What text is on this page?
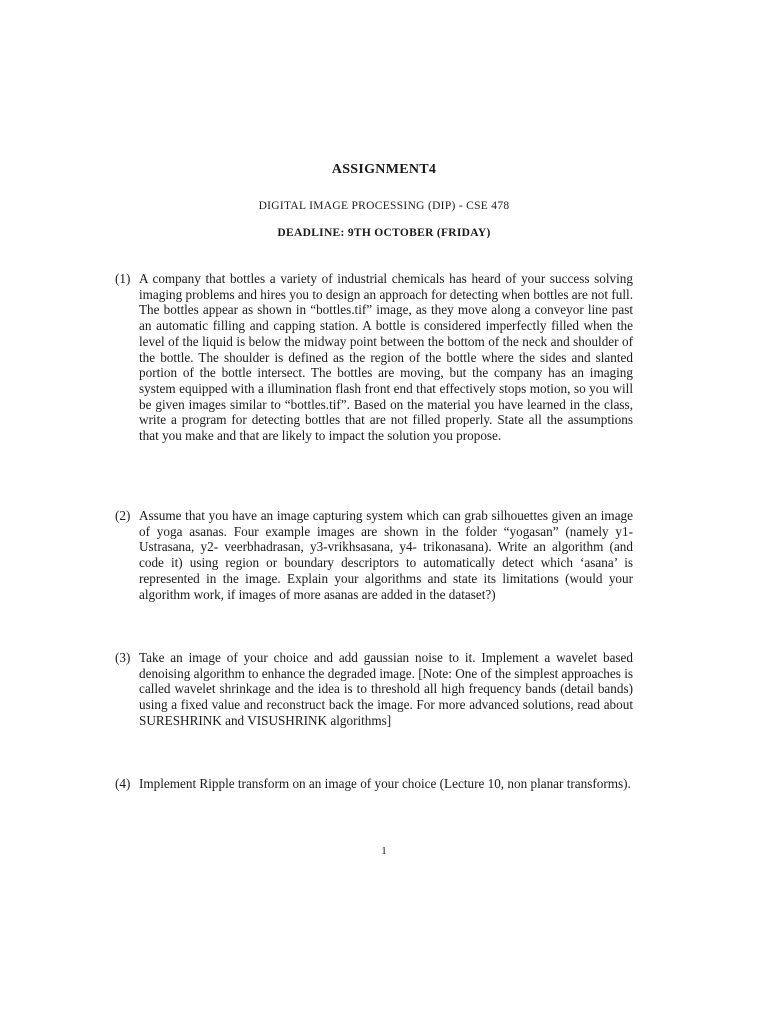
ASSIGNMENT4
DIGITAL IMAGE PROCESSING (DIP) - CSE 478
DEADLINE: 9TH OCTOBER (FRIDAY)
(1) A company that bottles a variety of industrial chemicals has heard of your success solving imaging problems and hires you to design an approach for detecting when bottles are not full. The bottles appear as shown in “bottles.tif” image, as they move along a conveyor line past an automatic filling and capping station. A bottle is considered imperfectly filled when the level of the liquid is below the midway point between the bottom of the neck and shoulder of the bottle. The shoulder is defined as the region of the bottle where the sides and slanted portion of the bottle intersect. The bottles are moving, but the company has an imaging system equipped with a illumination flash front end that effectively stops motion, so you will be given images similar to “bottles.tif”. Based on the material you have learned in the class, write a program for detecting bottles that are not filled properly. State all the assumptions that you make and that are likely to impact the solution you propose.
(2) Assume that you have an image capturing system which can grab silhouettes given an image of yoga asanas. Four example images are shown in the folder “yogasan” (namely y1-Ustrasana, y2- veerbhadrasan, y3-vrikhsasana, y4- trikonasana). Write an algorithm (and code it) using region or boundary descriptors to automatically detect which ‘asana’ is represented in the image. Explain your algorithms and state its limitations (would your algorithm work, if images of more asanas are added in the dataset?)
(3) Take an image of your choice and add gaussian noise to it. Implement a wavelet based denoising algorithm to enhance the degraded image. [Note: One of the simplest approaches is called wavelet shrinkage and the idea is to threshold all high frequency bands (detail bands) using a fixed value and reconstruct back the image. For more advanced solutions, read about SURESHRINK and VISUSHRINK algorithms]
(4) Implement Ripple transform on an image of your choice (Lecture 10, non planar transforms).
1
